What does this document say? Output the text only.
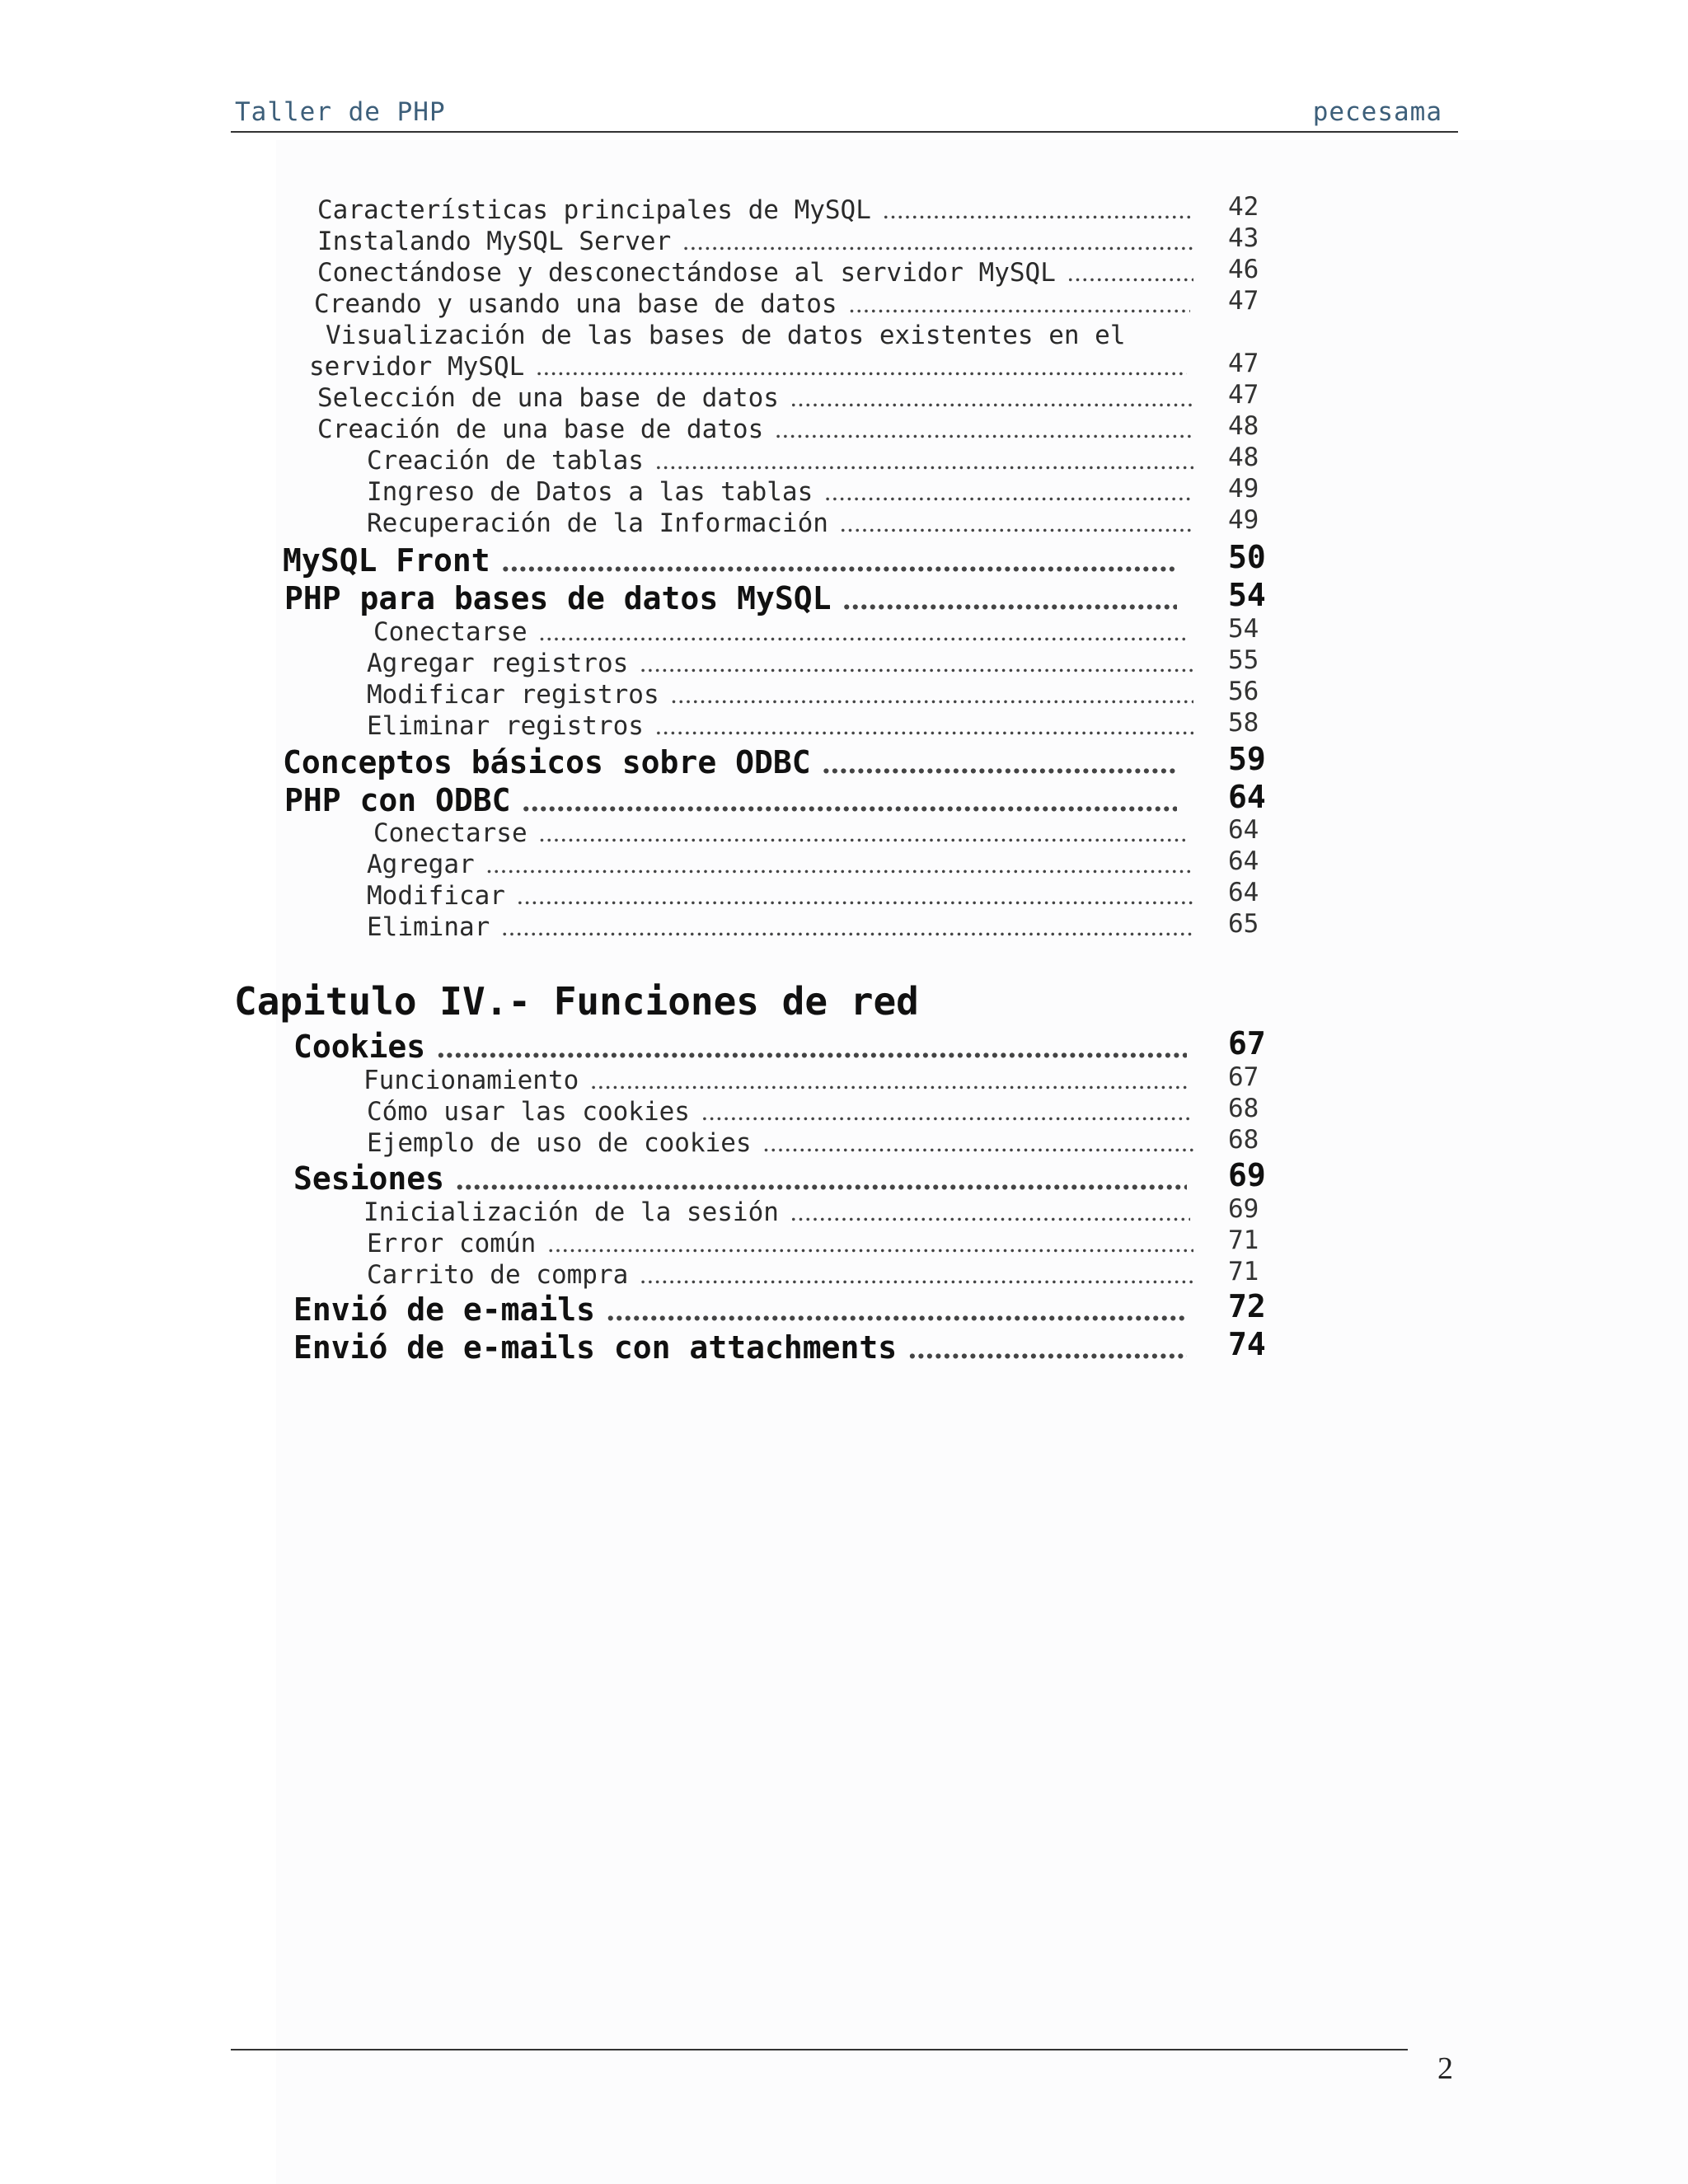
Taller de PHP	pecesama
Características principales de MySQL .....	42
Instalando MySQL Server .....	43
Conectándose y desconectándose al servidor MySQL .....	46
Creando y usando una base de datos .....	47
Visualización de las bases de datos existentes en el
servidor MySQL .....	47
Selección de una base de datos .....	47
Creación de una base de datos .....	48
Creación de tablas .....	48
Ingreso de Datos a las tablas .....	49
Recuperación de la Información .....	49
MySQL Front .....	50
PHP para bases de datos MySQL .....	54
Conectarse .....	54
Agregar registros .....	55
Modificar registros .....	56
Eliminar registros .....	58
Conceptos básicos sobre ODBC .....	59
PHP con ODBC .....	64
Conectarse .....	64
Agregar .....	64
Modificar .....	64
Eliminar .....	65
Cookies .....	67
Funcionamiento .....	67
Cómo usar las cookies .....	68
Ejemplo de uso de cookies .....	68
Sesiones .....	69
Inicialización de la sesión .....	69
Error común .....	71
Carrito de compra .....	71
Envió de e-mails .....	72
Envió de e-mails con attachments .....	74
Capitulo IV.- Funciones de red
2
